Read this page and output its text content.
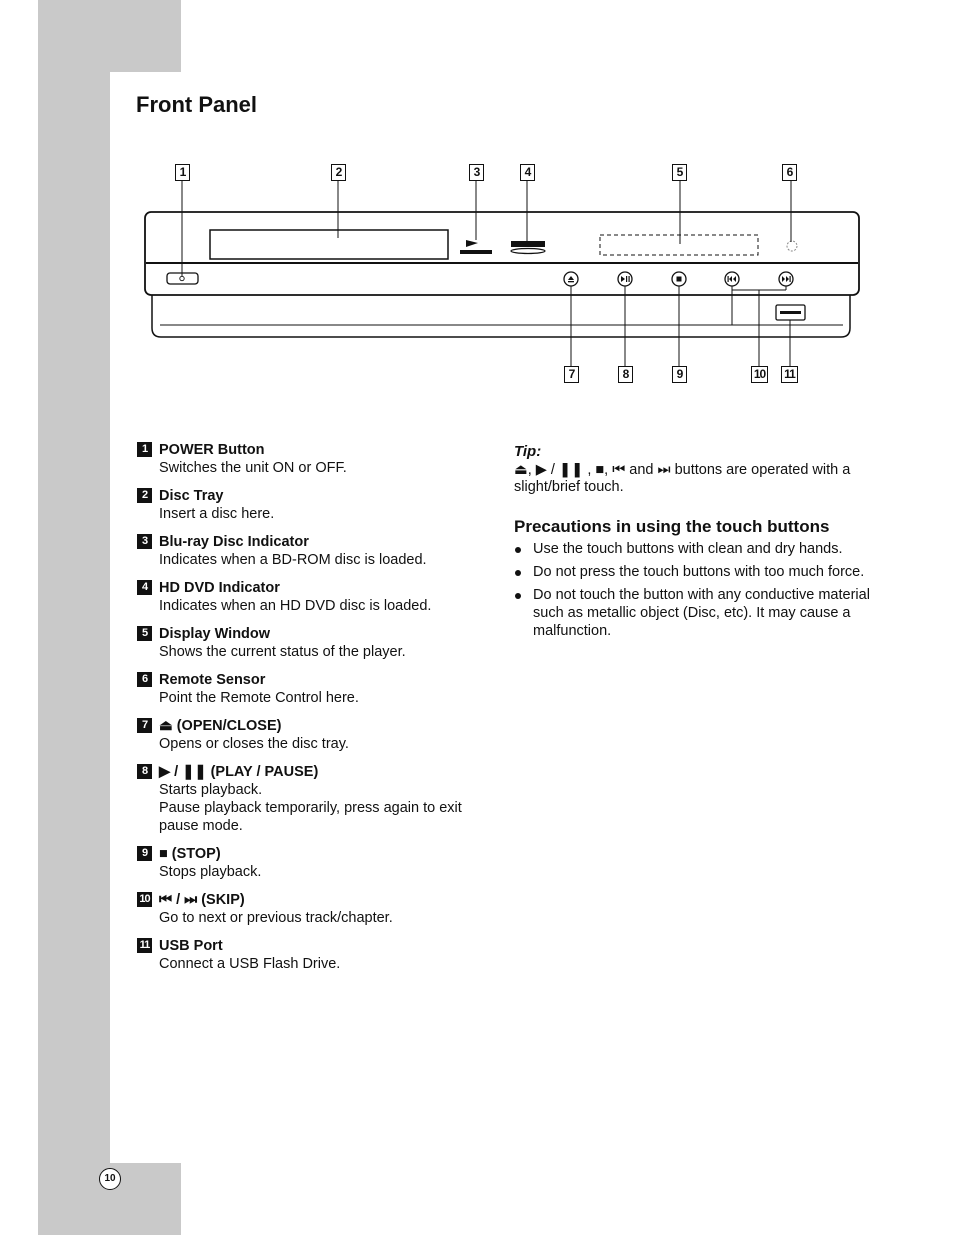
Front Panel
1	2	3	4	5	6
7	8	9	10 11
1 POWER Button
Switches the unit ON or OFF.
2 Disc Tray
Insert a disc here.
3 Blu-ray Disc Indicator
Indicates when a BD-ROM disc is loaded.
4 HD DVD Indicator
Indicates when an HD DVD disc is loaded.
5 Display Window
Shows the current status of the player.
6 Remote Sensor
Point the Remote Control here.
7 ⏏ (OPEN/CLOSE)
Opens or closes the disc tray.
8 ▶ / ❚❚ (PLAY / PAUSE)
Starts playback.
Pause playback temporarily, press again to exit pause mode.
9 ■ (STOP)
Stops playback.
10 ⏮ / ⏭ (SKIP)
Go to next or previous track/chapter.
11 USB Port
Connect a USB Flash Drive.
Tip:
⏏, ▶ / ❚❚ , ■, ⏮ and ⏭ buttons are operated with a slight/brief touch.
Precautions in using the touch buttons
Use the touch buttons with clean and dry hands.
Do not press the touch buttons with too much force.
Do not touch the button with any conductive material such as metallic object (Disc, etc). It may cause a malfunction.
10
